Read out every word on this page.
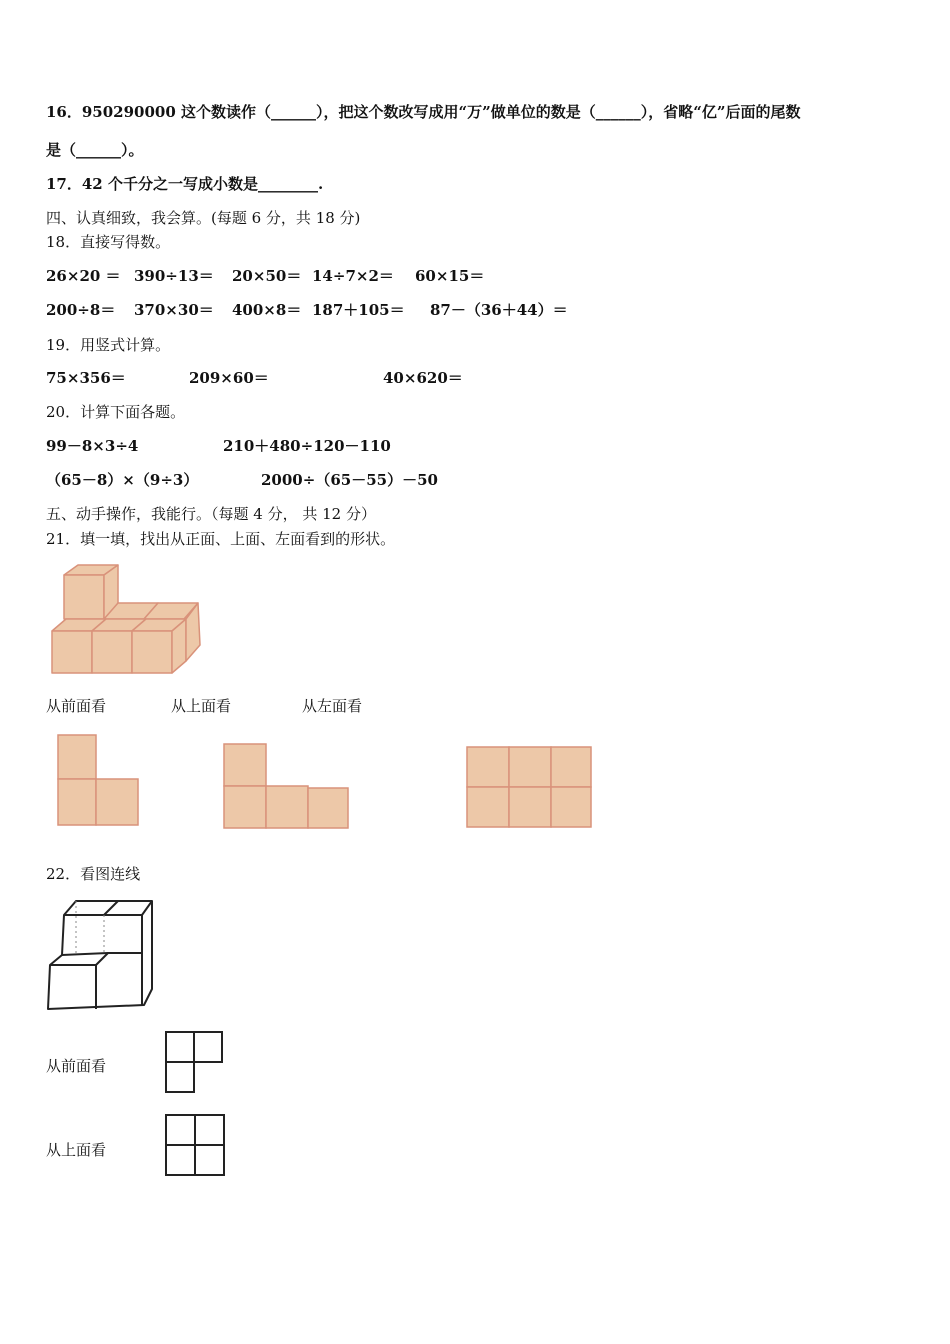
16．950290000 这个数读作（______），把这个数改写成用“万”做单位的数是（______），省略“亿”后面的尾数
是（______）。
17．42 个千分之一写成小数是________.
四、认真细致，我会算。(每题 6 分，共 18 分)
18．直接写得数。
26×20 ＝ 390÷13＝ 20×50＝ 14÷7×2＝ 60×15＝
200÷8＝ 370×30＝ 400×8＝ 187＋105＝ 87－（36＋44）＝
19．用竖式计算。
75×356＝	209×60＝	40×620＝
20．计算下面各题。
99－8×3÷4	210＋480÷120－110
（65－8）×（9÷3）	2000÷（65－55）－50
五、动手操作，我能行。（每题 4 分， 共 12 分）
21．填一填，找出从正面、上面、左面看到的形状。
从前面看	从上面看	从左面看
22．看图连线
从前面看
从上面看
